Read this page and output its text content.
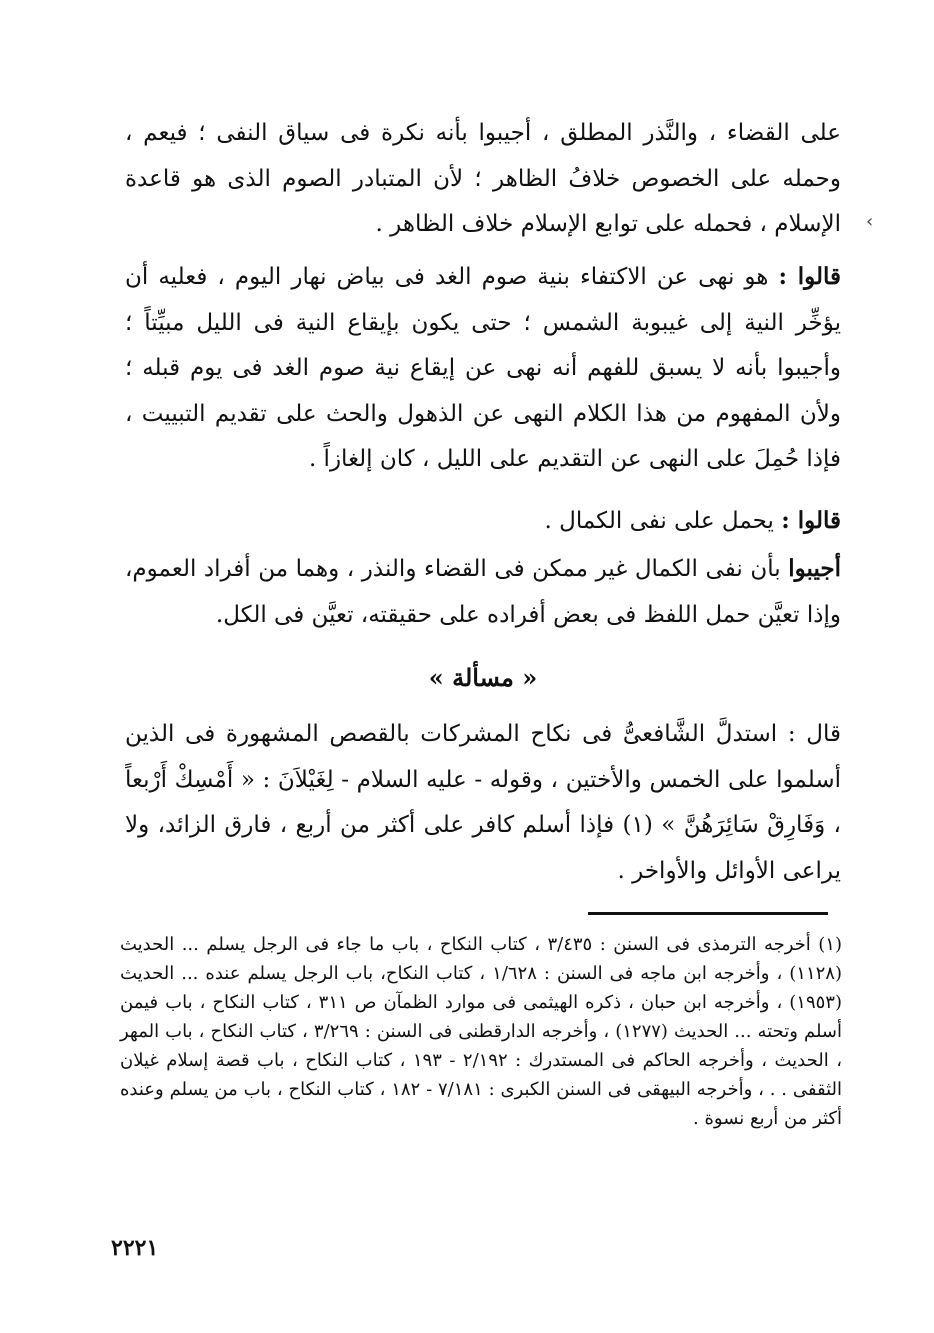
على القضاء ، والنَّذر المطلق ، أجيبوا بأنه نكرة فى سياق النفى ؛ فيعم ، وحمله على الخصوص خلافُ الظاهر ؛ لأن المتبادر الصوم الذى هو قاعدة الإسلام ، فحمله على توابع الإسلام خلاف الظاهر . ‹
قالوا : هو نهى عن الاكتفاء بنية صوم الغد فى بياض نهار اليوم ، فعليه أن يؤخِّر النية إلى غيبوبة الشمس ؛ حتى يكون بإيقاع النية فى الليل مبيِّتاً ؛ وأجيبوا بأنه لا يسبق للفهم أنه نهى عن إيقاع نية صوم الغد فى يوم قبله ؛ ولأن المفهوم من هذا الكلام النهى عن الذهول والحث على تقديم التبييت ، فإذا حُمِلَ على النهى عن التقديم على الليل ، كان إلغازاً .
قالوا : يحمل على نفى الكمال .
أجيبوا بأن نفى الكمال غير ممكن فى القضاء والنذر ، وهما من أفراد العموم، وإذا تعيَّن حمل اللفظ فى بعض أفراده على حقيقته، تعيَّن فى الكل.
« مسألة »
قال : استدلَّ الشَّافعىُّ فى نكاح المشركات بالقصص المشهورة فى الذين أسلموا على الخمس والأختين ، وقوله - عليه السلام - لِغَيْلاَنَ : « أَمْسِكْ أَرْبعاً ، وَفَارِقْ سَائِرَهُنَّ » (١) فإذا أسلم كافر على أكثر من أربع ، فارق الزائد، ولا يراعى الأوائل والأواخر .
(١) أخرجه الترمذى فى السنن : ٣/٤٣٥ ، كتاب النكاح ، باب ما جاء فى الرجل يسلم ... الحديث (١١٢٨) ، وأخرجه ابن ماجه فى السنن : ١/٦٢٨ ، كتاب النكاح، باب الرجل يسلم عنده ... الحديث (١٩٥٣) ، وأخرجه ابن حبان ، ذكره الهيثمى فى موارد الظمآن ص ٣١١ ، كتاب النكاح ، باب فيمن أسلم وتحته ... الحديث (١٢٧٧) ، وأخرجه الدارقطنى فى السنن : ٣/٢٦٩ ، كتاب النكاح ، باب المهر ، الحديث ، وأخرجه الحاكم فى المستدرك : ٢/١٩٢ - ١٩٣ ، كتاب النكاح ، باب قصة إسلام غيلان الثقفى . . ، وأخرجه البيهقى فى السنن الكبرى : ٧/١٨١ - ١٨٢ ، كتاب النكاح ، باب من يسلم وعنده أكثر من أربع نسوة .
٢٢٢١
